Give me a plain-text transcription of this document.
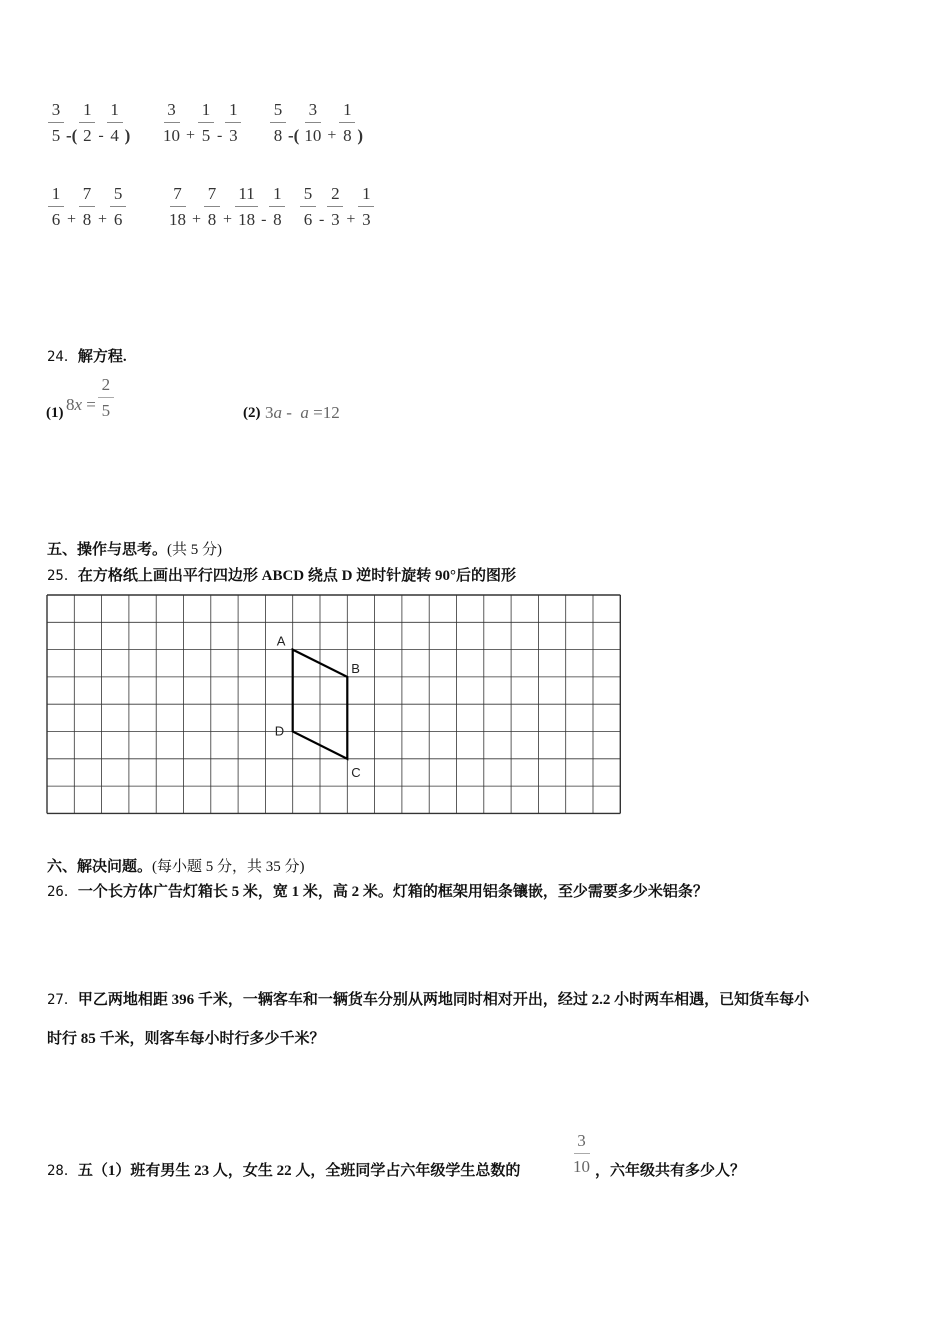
$\frac{3}{5}$ -( $\frac{1}{2} - \frac{1}{4}$ ) $\frac{3}{10} + \frac{1}{5} - \frac{1}{3} \frac{5}{8}$ -( $\frac{3}{10} + \frac{1}{8}$ )
$\frac{1}{6} + \frac{7}{8} + \frac{5}{6} \frac{7}{18} + \frac{7}{8} + \frac{11}{18} - \frac{1}{8} \frac{5}{6} - \frac{2}{3} + \frac{1}{3}$
24．解方程.
(1) $8x = \frac{2}{5}$	(2) 3a -  a =12
五、操作与思考。(共 5 分)
25．在方格纸上画出平行四边形 ABCD 绕点 D 逆时针旋转 90°后的图形
A
B
C
D
六、解决问题。(每小题 5 分，共 35 分)
26．一个长方体广告灯箱长 5 米，宽 1 米，高 2 米。灯箱的框架用铝条镶嵌，至少需要多少米铝条？
27．甲乙两地相距 396 千米，一辆客车和一辆货车分别从两地同时相对开出，经过 2.2 小时两车相遇，已知货车每小
时行 85 千米，则客车每小时行多少千米？
28．五（1）班有男生 23 人，女生 22 人，全班同学占六年级学生总数的	$\frac{3}{10}$ ，六年级共有多少人？
